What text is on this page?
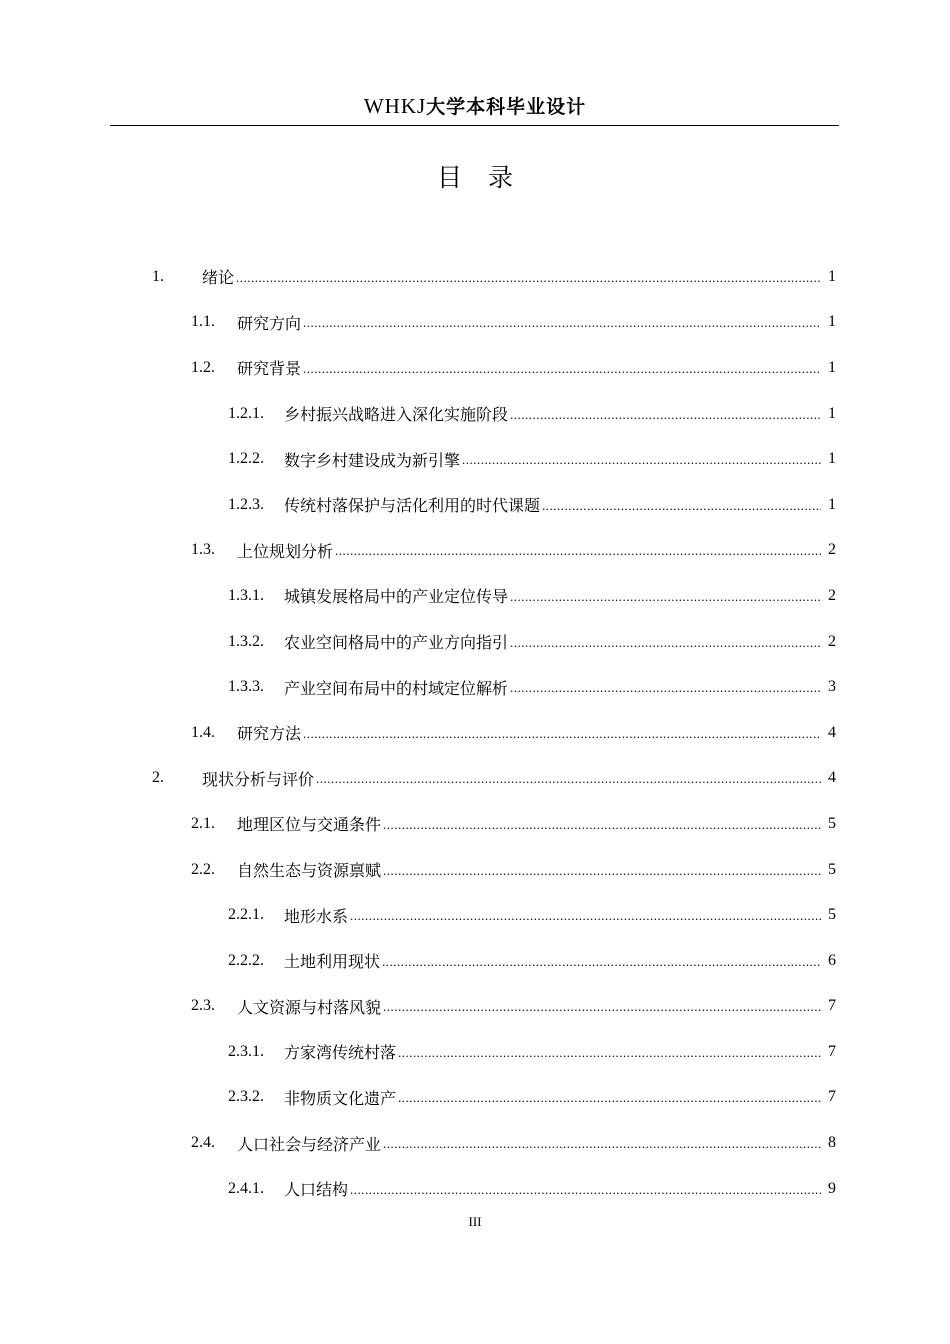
WHKJ大学本科毕业设计
目录
1.	绪论 .....	1
1.1.	研究方向 .....	1
1.2.	研究背景 .....	1
1.2.1.	乡村振兴战略进入深化实施阶段 .....	1
1.2.2.	数字乡村建设成为新引擎 .....	1
1.2.3.	传统村落保护与活化利用的时代课题 .....	1
1.3.	上位规划分析 .....	2
1.3.1.	城镇发展格局中的产业定位传导 .....	2
1.3.2.	农业空间格局中的产业方向指引 .....	2
1.3.3.	产业空间布局中的村域定位解析 .....	3
1.4.	研究方法 .....	4
2.	现状分析与评价 .....	4
2.1.	地理区位与交通条件 .....	5
2.2.	自然生态与资源禀赋 .....	5
2.2.1.	地形水系 .....	5
2.2.2.	土地利用现状 .....	6
2.3.	人文资源与村落风貌 .....	7
2.3.1.	方家湾传统村落 .....	7
2.3.2.	非物质文化遗产 .....	7
2.4.	人口社会与经济产业 .....	8
2.4.1.	人口结构 .....	9
III
